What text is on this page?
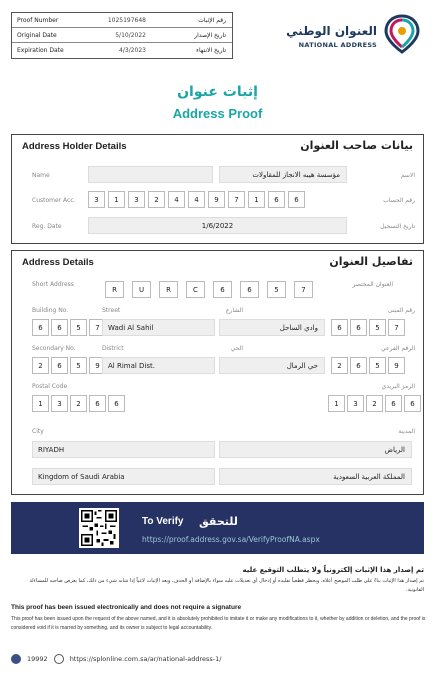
Proof Number	1025197648	رقم الإثبات
Original Date	5/10/2022	تاريخ الإصدار
Expiration Date	4/3/2023	تاريخ الانتهاء
العنوان الوطني
NATIONAL ADDRESS
إثبات عنوان
Address Proof
Address Holder Details	بيانات صاحب العنوان
Name	مؤسسة هيبه الانجاز للمقاولات	الاسم
Customer Acc.	3	1	3	2	4	4	9	7	1	6	6	رقم الحساب
Reg. Date	1/6/2022	تاريخ التسجيل
Address Details	تفاصيل العنوان
Short Address	العنوان المختصر
R	U	R	C	6	6	5	7
Building No.	Street	الشارع	رقم المبنى
6	6	5	7	Wadi Al Sahil	وادي الساحل	6	6	5	7
Secondary No.	District	الحي	الرقم الفرعي
2	6	5	9	Al Rimal Dist.	حي الرمال	2	6	5	9
Postal Code	الرمز البريدي
1	3	2	6	6	1	3	2	6	6
City	المدينة
RIYADH	الرياض
Kingdom of Saudi Arabia	المملكة العربية السعودية
To Verify للتحقق
https://proof.address.gov.sa/VerifyProofNA.aspx
تم إصدار هذا الإثبات إلكترونياً ولا يتطلب التوقيع عليه
تم إصدار هذا الإثبات بناءً على طلب الموضح أعلاه، ويحظر قطعياً تقليده أو إدخال أي تعديلات عليه سواء بالإضافة أو الحذف، ويعد الإثبات لاغياً إذا شابه شيء من ذلك، كما يعرض صاحبه للمساءلة القانونية.
This proof has been issued electronically and does not require a signature
This proof has been issued upon the request of the above named, and it is absolutely prohibited to imitate it or make any modifications to it, whether by addition or deletion, and the proof is considered void if it is marred by something, and its owner is subject to legal accountability.
19992	https://splonline.com.sa/ar/national-address-1/
